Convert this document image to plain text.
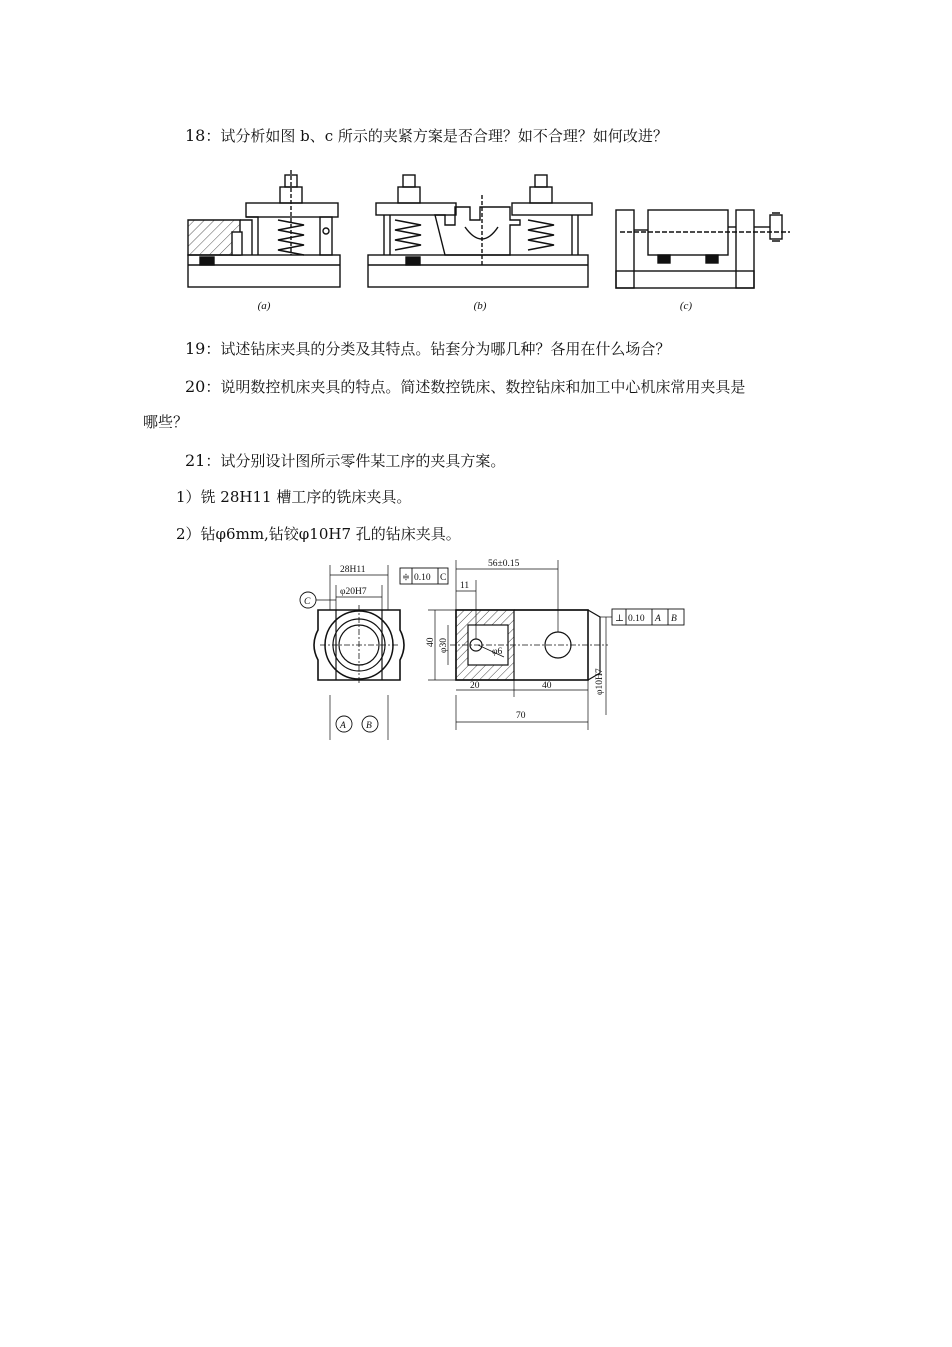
18：试分析如图 b、c 所示的夹紧方案是否合理？如不合理？如何改进？
(a)	(b)	(c)
19：试述钻床夹具的分类及其特点。钻套分为哪几种？各用在什么场合？
20：说明数控机床夹具的特点。简述数控铣床、数控钻床和加工中心机床常用夹具是
哪些？
21：试分别设计图所示零件某工序的夹具方案。
1）铣 28H11 槽工序的铣床夹具。
2）钻φ6mm,钻铰φ10H7 孔的钻床夹具。
28H11
≑ 0.10 C
φ20H7
C
A B
56±0.15
11
40 φ30	φ6
20	40
70
φ10H7
⊥ 0.10 A B
